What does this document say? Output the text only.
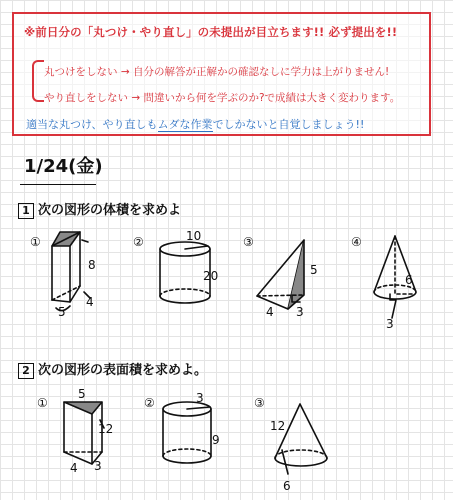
※前日分の「丸つけ・やり直し」の未提出が目立ちます!! 必ず提出を!!
丸つけをしない → 自分の解答が正解かの確認なしに学力は上がりません!
やり直しをしない → 問違いから何を学ぶのか?で成績は大きく変わります。
適当な丸つけ、やり直しもムダな作業でしかないと自覚しましょう!!
1/24(金)
1 次の図形の体積を求めよ
2 次の図形の表面積を求めよ。
①
8
4
5
②	10
20
③
5
4 3
④
6
3
①
5
12
4 3
②	3
9
③
12
6
